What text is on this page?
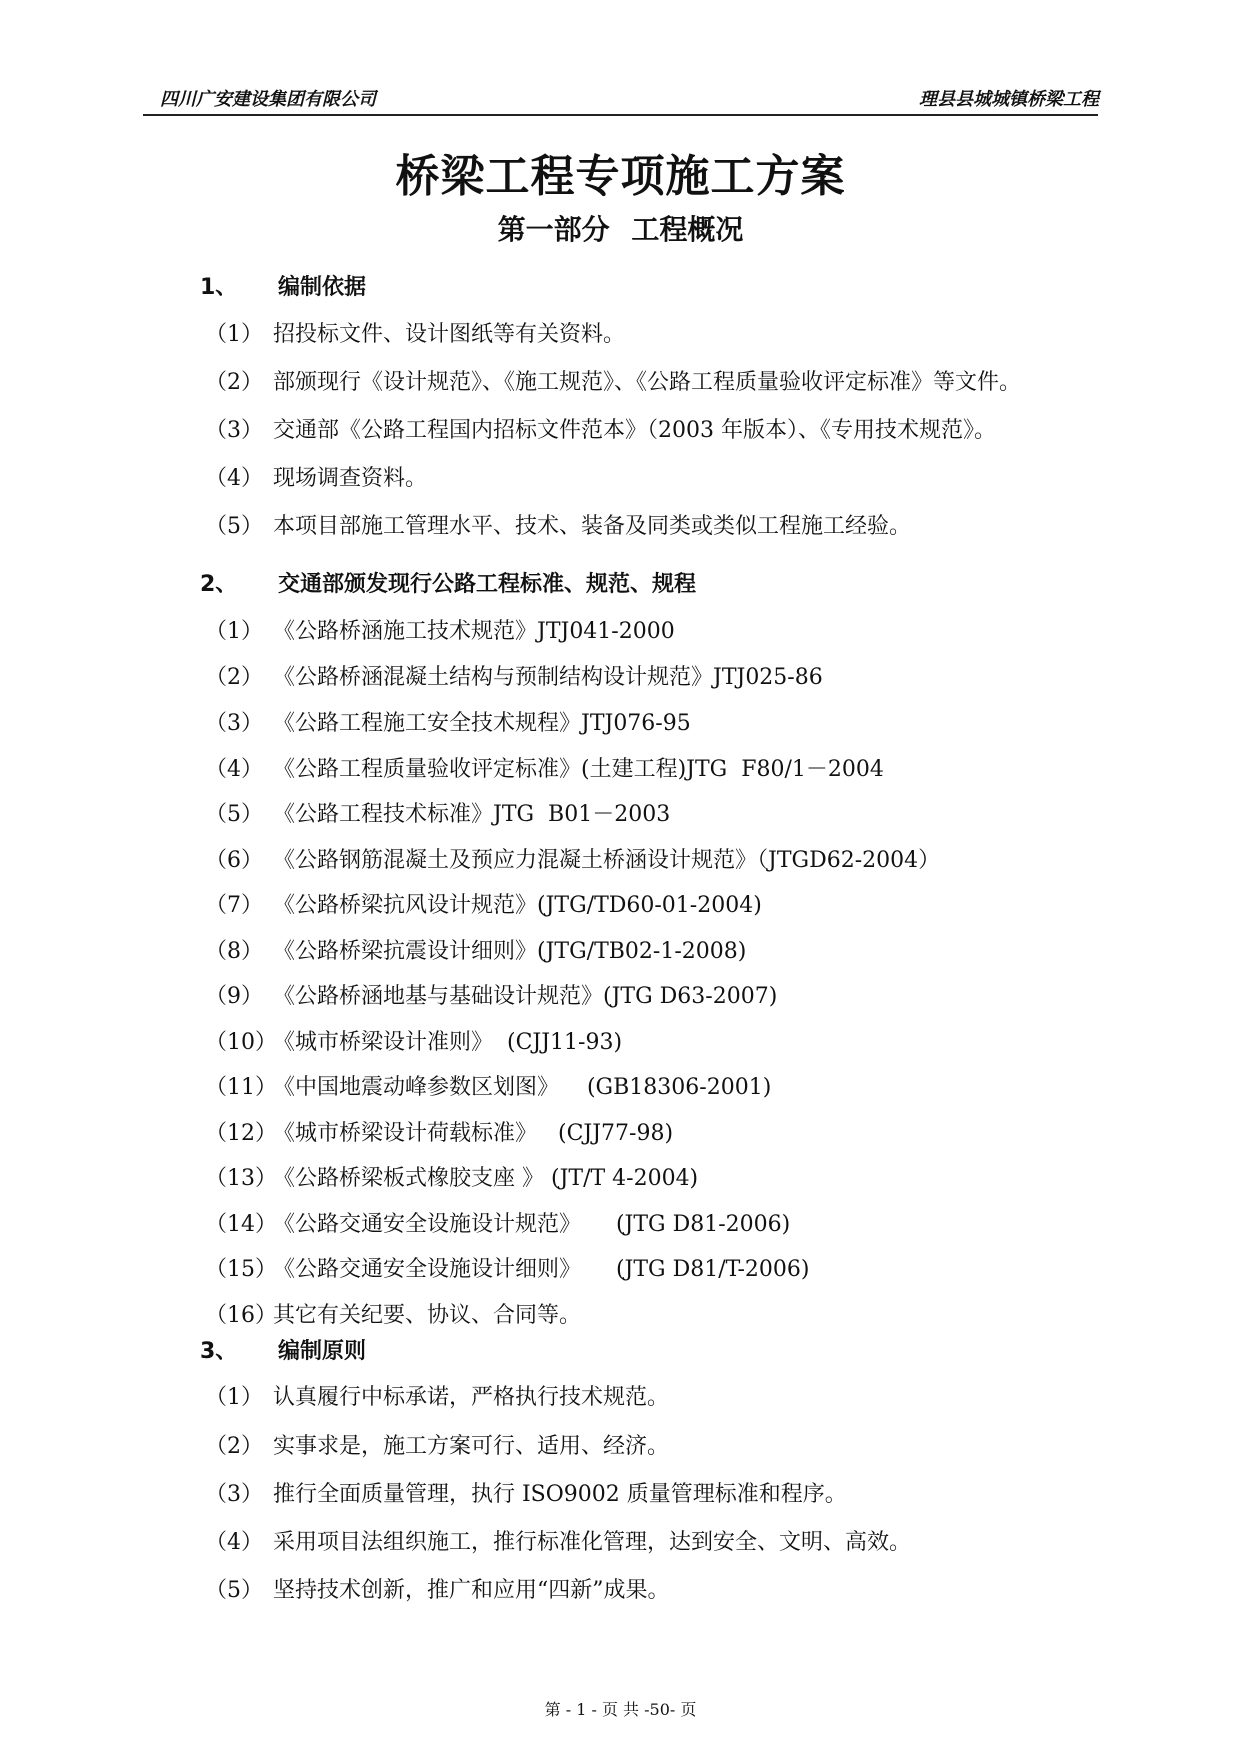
四川广安建设集团有限公司	理县县城城镇桥梁工程
桥梁工程专项施工方案
第一部分 工程概况
1、 编制依据
（1） 招投标文件、设计图纸等有关资料。
（2） 部颁现行《设计规范》、《施工规范》、《公路工程质量验收评定标准》等文件。
（3） 交通部《公路工程国内招标文件范本》（2003 年版本）、《专用技术规范》。
（4） 现场调查资料。
（5） 本项目部施工管理水平、技术、装备及同类或类似工程施工经验。
2、 交通部颁发现行公路工程标准、规范、规程
（1） 《公路桥涵施工技术规范》JTJ041-2000
（2） 《公路桥涵混凝土结构与预制结构设计规范》JTJ025-86
（3） 《公路工程施工安全技术规程》JTJ076-95
（4） 《公路工程质量验收评定标准》(土建工程)JTG  F80/1－2004
（5） 《公路工程技术标准》JTG  B01－2003
（6） 《公路钢筋混凝土及预应力混凝土桥涵设计规范》（JTGD62-2004）
（7） 《公路桥梁抗风设计规范》(JTG/TD60-01-2004)
（8） 《公路桥梁抗震设计细则》(JTG/TB02-1-2008)
（9） 《公路桥涵地基与基础设计规范》(JTG D63-2007)
（10）《城市桥梁设计准则》  (CJJ11-93)
（11）《中国地震动峰参数区划图》    (GB18306-2001)
（12）《城市桥梁设计荷载标准》   (CJJ77-98)
（13）《公路桥梁板式橡胶支座 》 (JT/T 4-2004)
（14）《公路交通安全设施设计规范》     (JTG D81-2006)
（15）《公路交通安全设施设计细则》     (JTG D81/T-2006)
（16）其它有关纪要、协议、合同等。
3、 编制原则
（1） 认真履行中标承诺，严格执行技术规范。
（2） 实事求是，施工方案可行、适用、经济。
（3） 推行全面质量管理，执行 ISO9002 质量管理标准和程序。
（4） 采用项目法组织施工，推行标准化管理，达到安全、文明、高效。
（5） 坚持技术创新，推广和应用“四新”成果。
第 - 1 - 页 共 -50- 页
